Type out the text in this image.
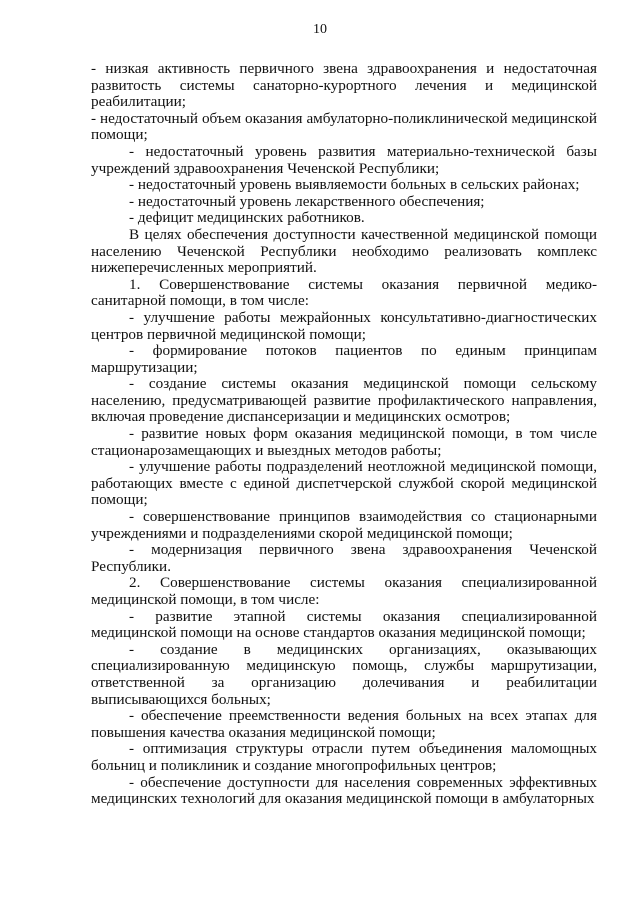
10

- низкая активность первичного звена здравоохранения и недостаточная развитость системы санаторно-курортного лечения и медицинской реабилитации;

- недостаточный объем оказания амбулаторно-поликлинической медицинской помощи;

- недостаточный уровень развития материально-технической базы учреждений здравоохранения Чеченской Республики;

- недостаточный уровень выявляемости больных в сельских районах;

- недостаточный уровень лекарственного обеспечения;

- дефицит медицинских работников.

В целях обеспечения доступности качественной медицинской помощи населению Чеченской Республики необходимо реализовать комплекс нижеперечисленных мероприятий.

1. Совершенствование системы оказания первичной медико-санитарной помощи, в том числе:

- улучшение работы межрайонных консультативно-диагностических центров первичной медицинской помощи;

- формирование потоков пациентов по единым принципам маршрутизации;

- создание системы оказания медицинской помощи сельскому населению, предусматривающей развитие профилактического направления, включая проведение диспансеризации и медицинских осмотров;

- развитие новых форм оказания медицинской помощи, в том числе стационарозамещающих и выездных методов работы;

- улучшение работы подразделений неотложной медицинской помощи, работающих вместе с единой диспетчерской службой скорой медицинской помощи;

- совершенствование принципов взаимодействия со стационарными учреждениями и подразделениями скорой медицинской помощи;

- модернизация первичного звена здравоохранения Чеченской Республики.

2. Совершенствование системы оказания специализированной медицинской помощи, в том числе:

- развитие этапной системы оказания специализированной медицинской помощи на основе стандартов оказания медицинской помощи;

- создание в медицинских организациях, оказывающих специализированную медицинскую помощь, службы маршрутизации, ответственной за организацию долечивания и реабилитации выписывающихся больных;

- обеспечение преемственности ведения больных на всех этапах для повышения качества оказания медицинской помощи;

- оптимизация структуры отрасли путем объединения маломощных больниц и поликлиник и создание многопрофильных центров;

- обеспечение доступности для населения современных эффективных медицинских технологий для оказания медицинской помощи в амбулаторных
